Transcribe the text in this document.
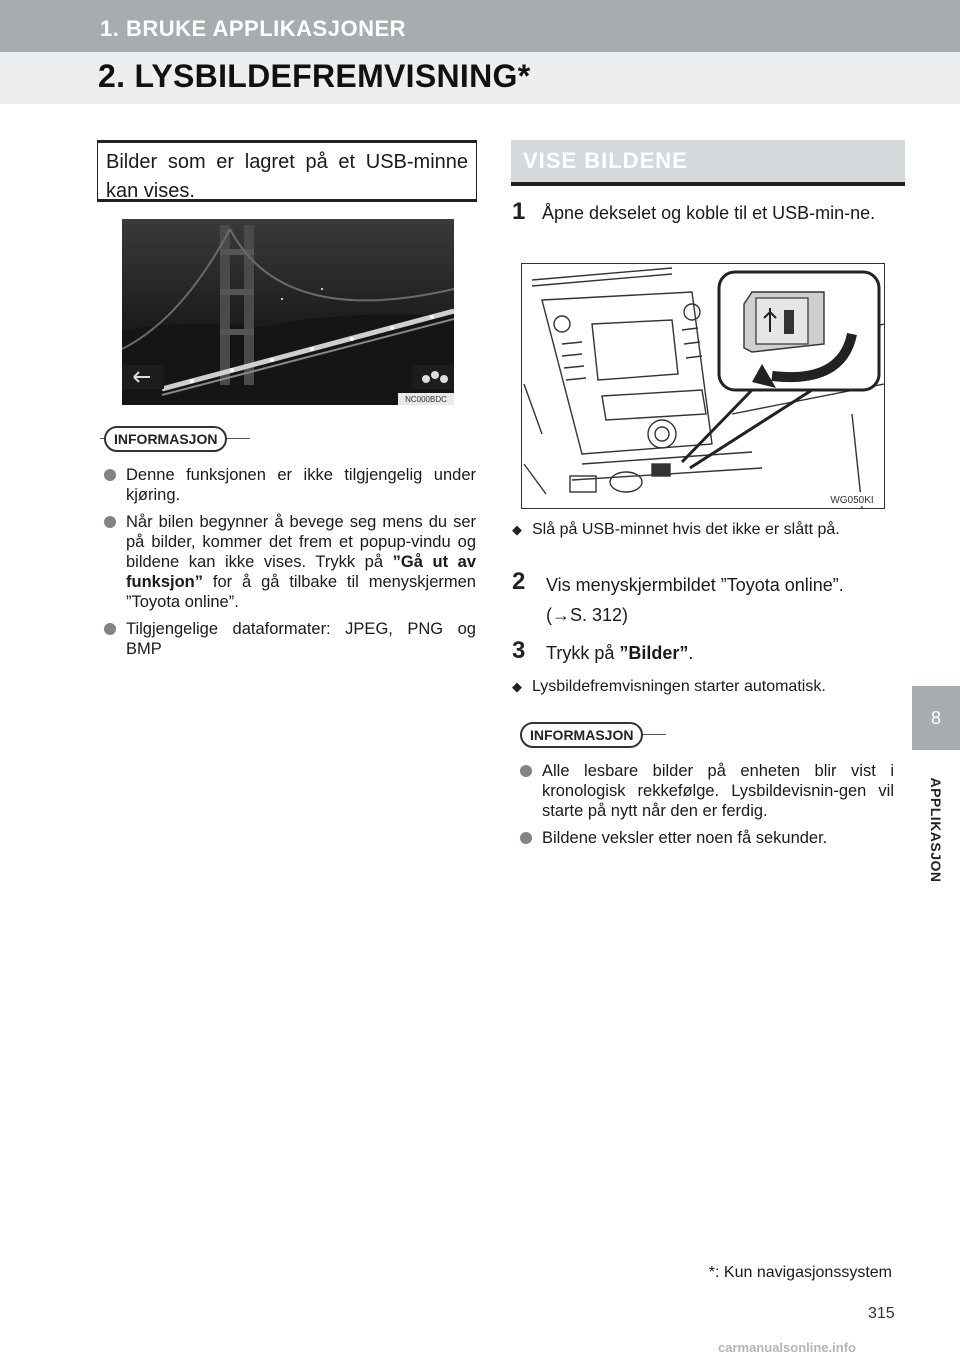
1. BRUKE APPLIKASJONER
2. LYSBILDEFREMVISNING*
8
APPLIKASJON
Bilder som er lagret på et USB-minne kan vises.
NC000BDC
INFORMASJON
Denne funksjonen er ikke tilgjengelig under kjøring.
Når bilen begynner å bevege seg mens du ser på bilder, kommer det frem et popup-vindu og bildene kan ikke vises. Trykk på ”Gå ut av funksjon” for å gå tilbake til menyskjermen ”Toyota online”.
Tilgjengelige dataformater: JPEG, PNG og BMP
VISE BILDENE
1 Åpne dekselet og koble til et USB-min-ne.
WG050KI
◆ Slå på USB-minnet hvis det ikke er slått på.
2 Vis menyskjermbildet ”Toyota online”.
(→S. 312)
3 Trykk på ”Bilder”.
◆ Lysbildefremvisningen starter automatisk.
INFORMASJON
Alle lesbare bilder på enheten blir vist i kronologisk rekkefølge. Lysbildevisnin-gen vil starte på nytt når den er ferdig.
Bildene veksler etter noen få sekunder.
*: Kun navigasjonssystem
315
carmanualsonline.info
